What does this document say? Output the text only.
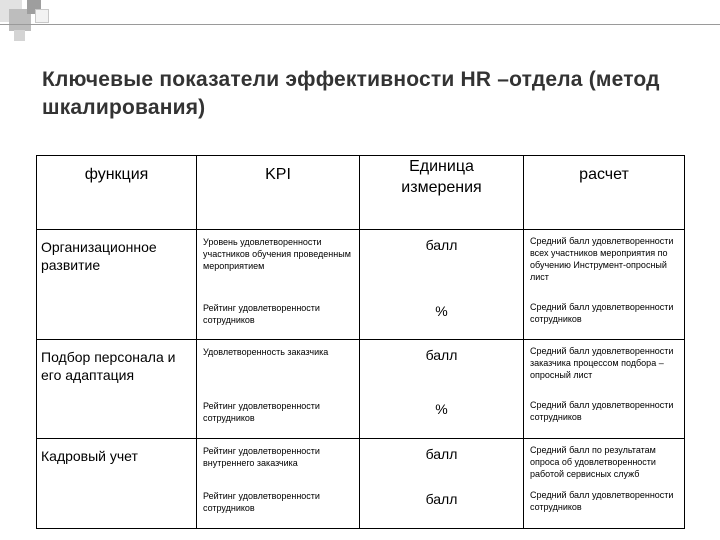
Ключевые показатели эффективности HR –отдела (метод шкалирования)
функция	KPI	Единица измерения	расчет

Организационное развитие	Уровень удовлетворенности участников обучения проведенным мероприятием	балл	Средний балл удовлетворенности всех участников мероприятия по обучению Инструмент-опросный лист
	Рейтинг удовлетворенности сотрудников	%	Средний балл удовлетворенности сотрудников
Подбор персонала и его адаптация	Удовлетворенность заказчика	балл	Средний балл удовлетворенности заказчика процессом подбора – опросный лист
	Рейтинг удовлетворенности сотрудников	%	Средний балл удовлетворенности сотрудников
Кадровый учет	Рейтинг удовлетворенности внутреннего заказчика	балл	Средний балл по результатам опроса об удовлетворенности работой сервисных служб
	Рейтинг удовлетворенности сотрудников	балл	Средний балл удовлетворенности сотрудников
